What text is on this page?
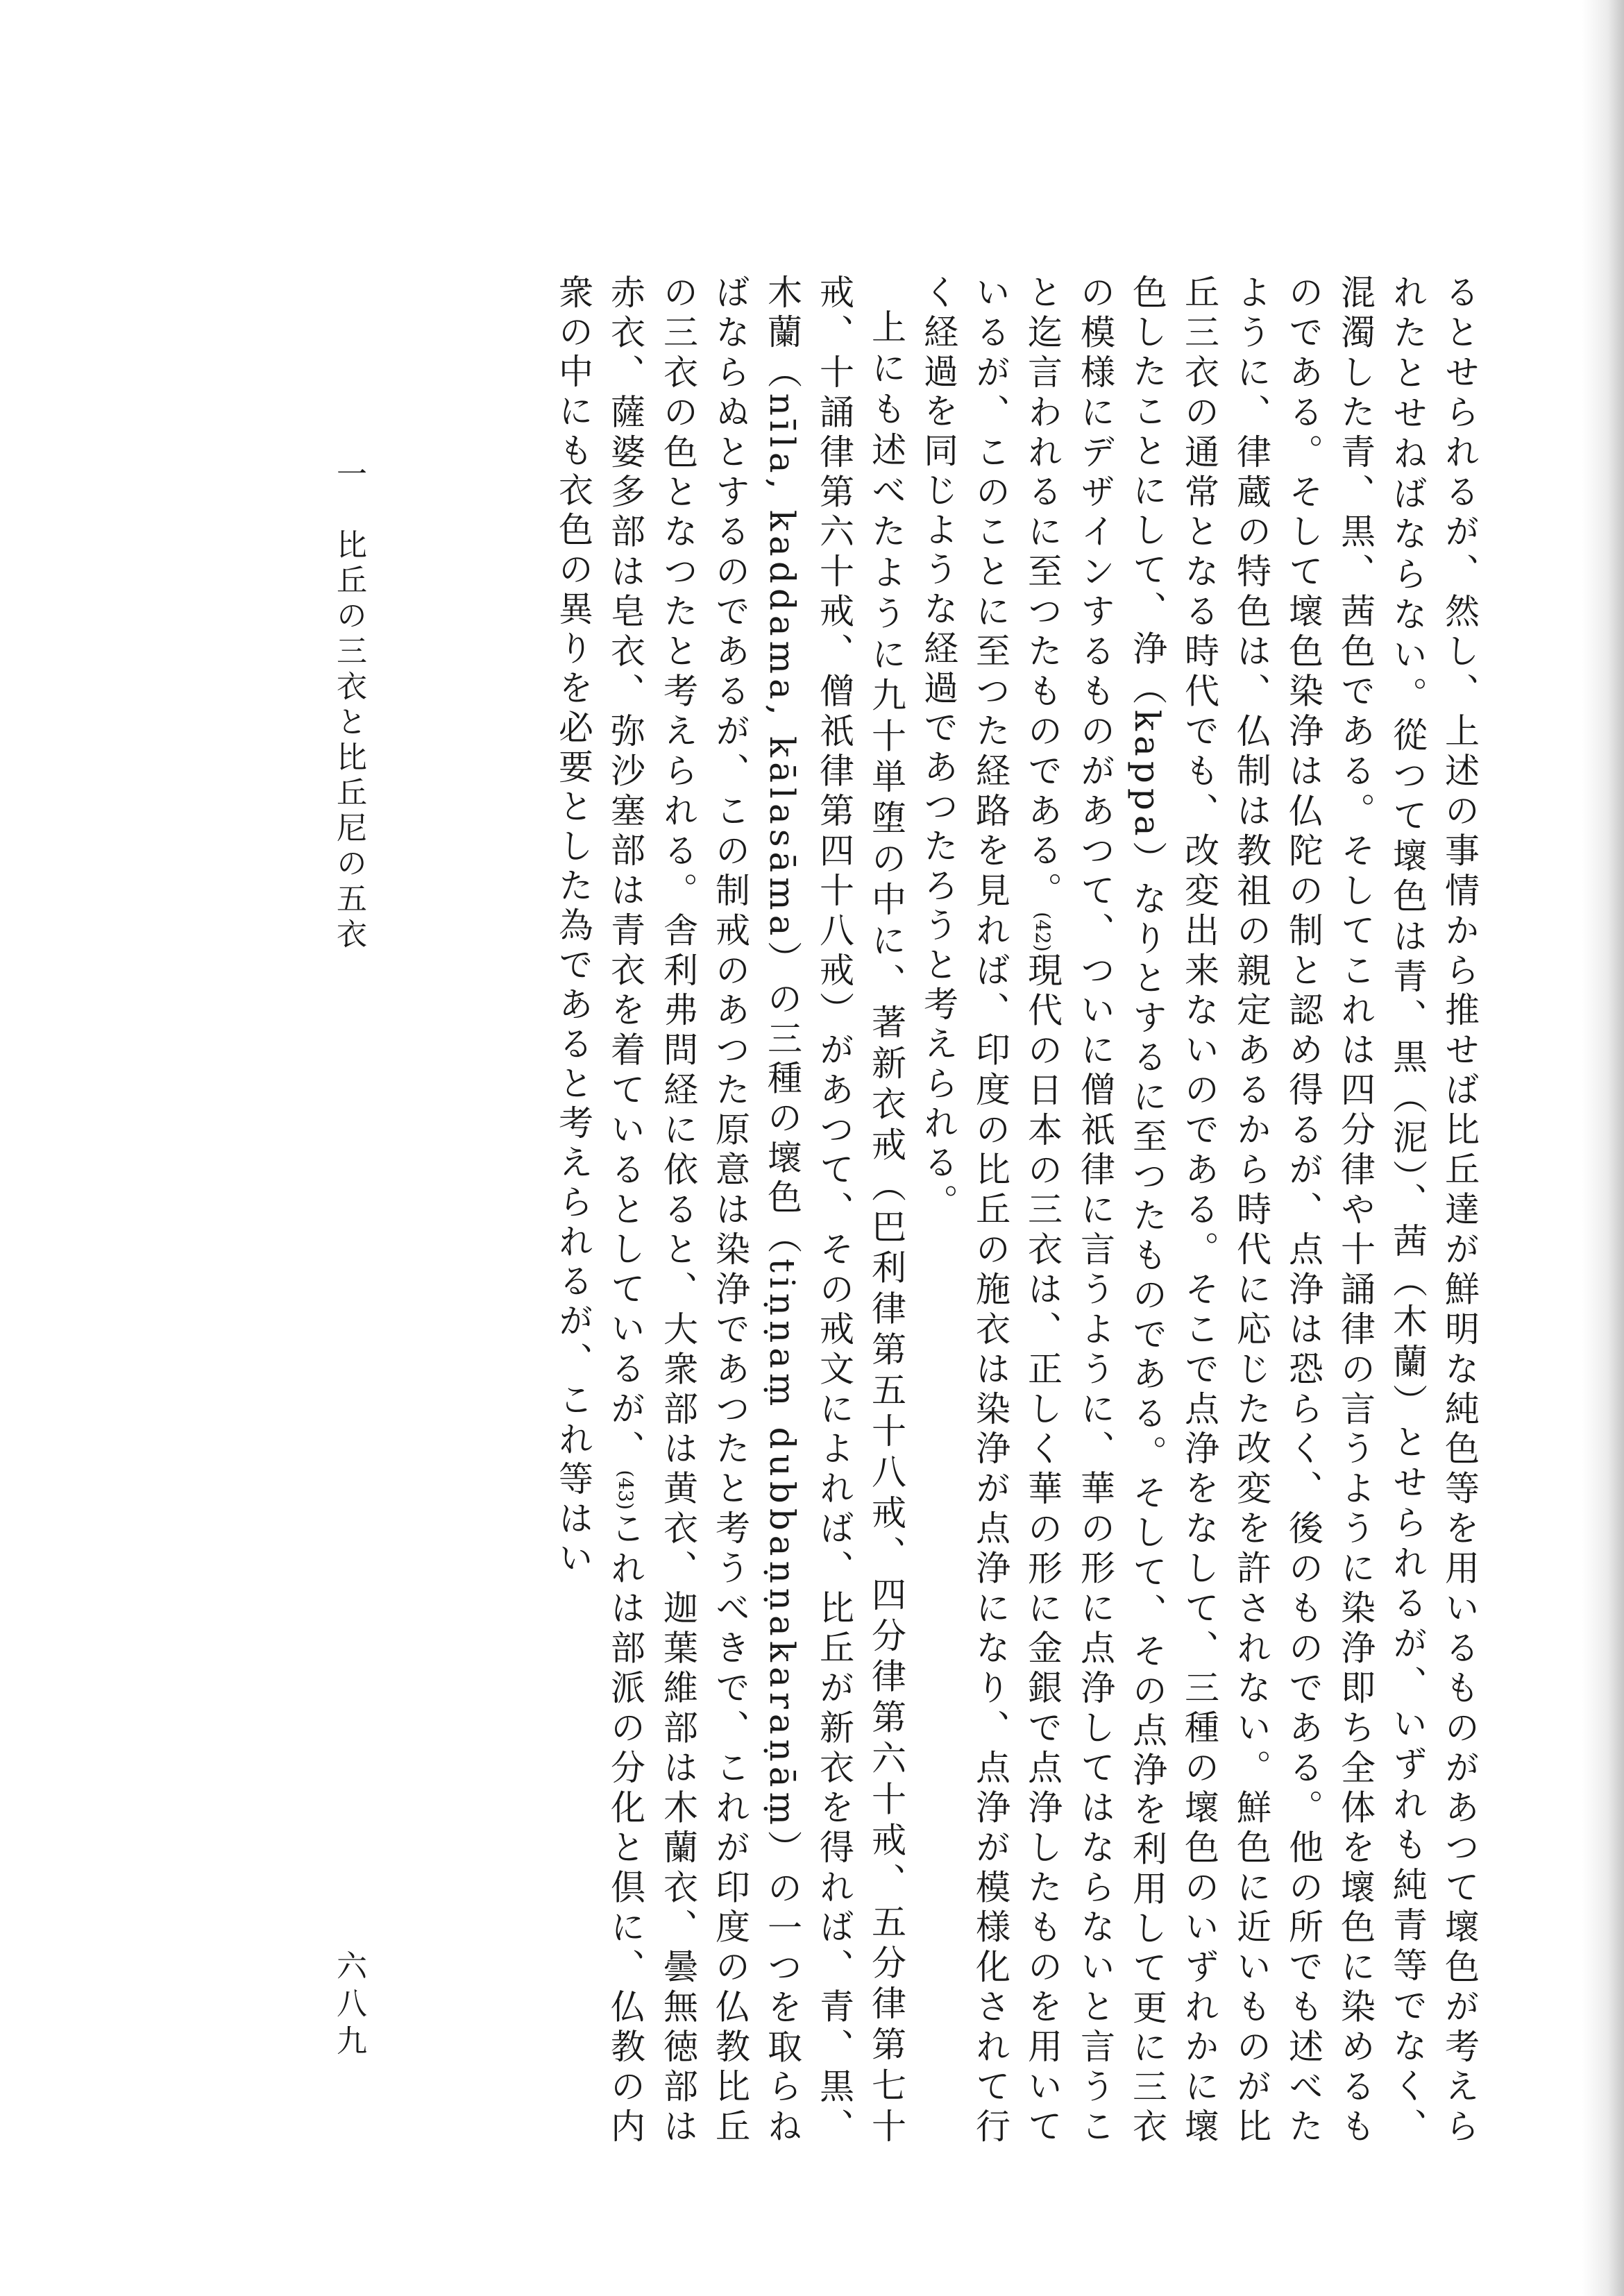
るとせられるが、然し、上述の事情から推せば比丘達が鮮明な純色等を用いるものがあつて壞色が考えられたとせねばならない。從つて壞色は青、黒（泥）、茜（木蘭）とせられるが、いずれも純青等でなく、混濁した青、黒、茜色である。そしてこれは四分律や十誦律の言うように染浄即ち全体を壞色に染めるものである。そして壞色染浄は仏陀の制と認め得るが、点浄は恐らく、後のものである。他の所でも述べたように、律蔵の特色は、仏制は教祖の親定あるから時代に応じた改変を許されない。鮮色に近いものが比丘三衣の通常となる時代でも、改変出来ないのである。そこで点浄をなして、三種の壞色のいずれかに壞色したことにして、浄（kappa）なりとするに至つたものである。そして、その点浄を利用して更に三衣の模様にデザインするものがあつて、ついに僧祇律に言うように、華の形に点浄してはならないと言うこと迄言われるに至つたものである。(42)現代の日本の三衣は、正しく華の形に金銀で点浄したものを用いているが、このことに至つた経路を見れば、印度の比丘の施衣は染浄が点浄になり、点浄が模様化されて行く経過を同じような経過であつたろうと考えられる。

上にも述べたように九十単堕の中に、著新衣戒（巴利律第五十八戒、四分律第六十戒、五分律第七十戒、十誦律第六十戒、僧祇律第四十八戒）があつて、その戒文によれば、比丘が新衣を得れば、青、黒、木蘭（nīla, kaddama, kālasāma）の三種の壞色（tiṇṇaṃ dubbaṇṇakaraṇāṃ）の一つを取らねばならぬとするのであるが、この制戒のあつた原意は染浄であつたと考うべきで、これが印度の仏教比丘の三衣の色となつたと考えられる。舎利弗問経に依ると、大衆部は黄衣、迦葉維部は木蘭衣、曇無徳部は赤衣、薩婆多部は皂衣、弥沙塞部は青衣を着ているとしているが、(43)これは部派の分化と倶に、仏教の内衆の中にも衣色の異りを必要とした為であると考えられるが、これ等はい

一　比丘の三衣と比丘尼の五衣
六八九
